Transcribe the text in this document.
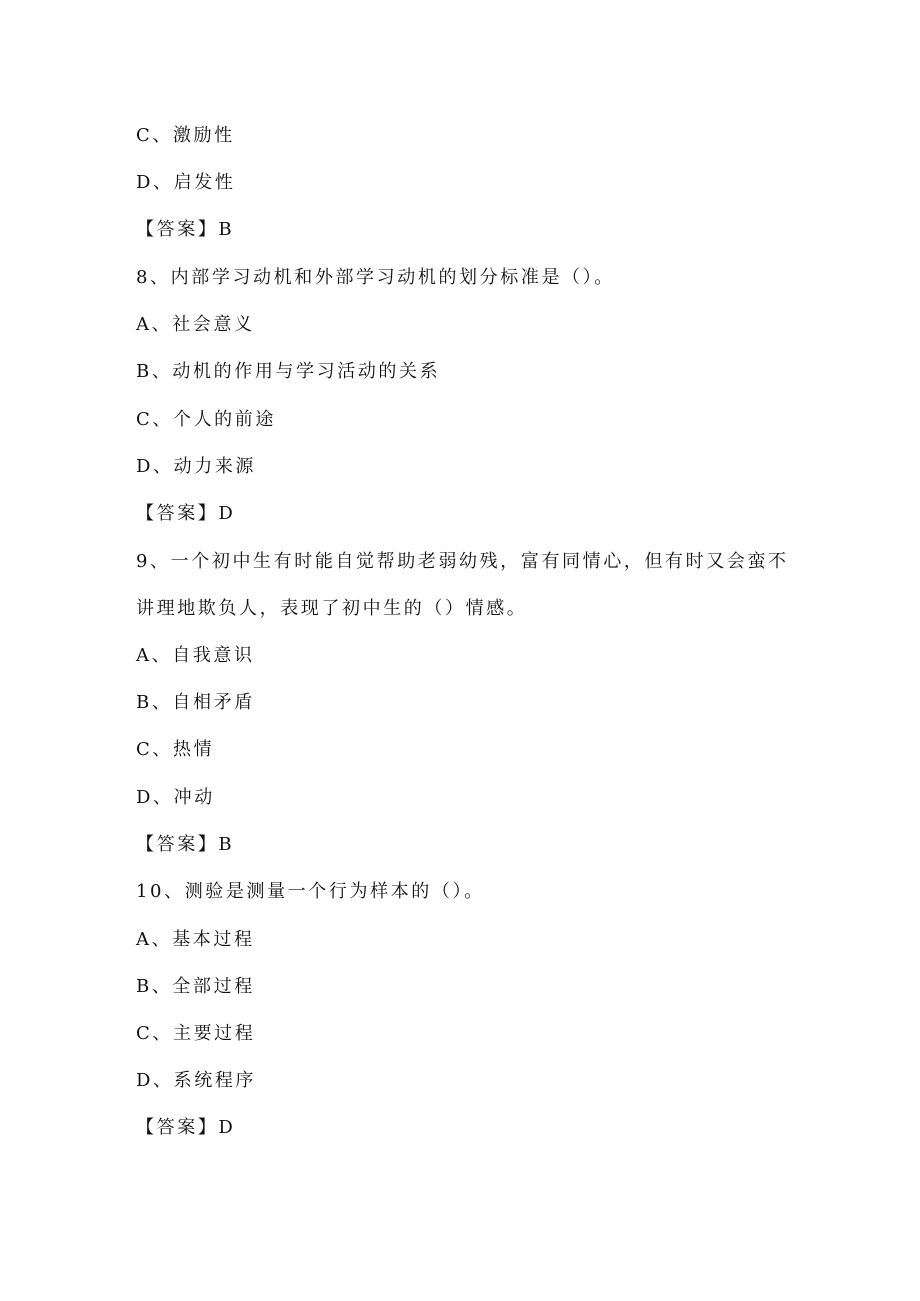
C、激励性

D、启发性

【答案】B

8、内部学习动机和外部学习动机的划分标准是（）。

A、社会意义

B、动机的作用与学习活动的关系

C、个人的前途

D、动力来源

【答案】D

9、一个初中生有时能自觉帮助老弱幼残，富有同情心，但有时又会蛮不

讲理地欺负人，表现了初中生的（）情感。

A、自我意识

B、自相矛盾

C、热情

D、冲动

【答案】B

10、测验是测量一个行为样本的（）。

A、基本过程

B、全部过程

C、主要过程

D、系统程序

【答案】D
